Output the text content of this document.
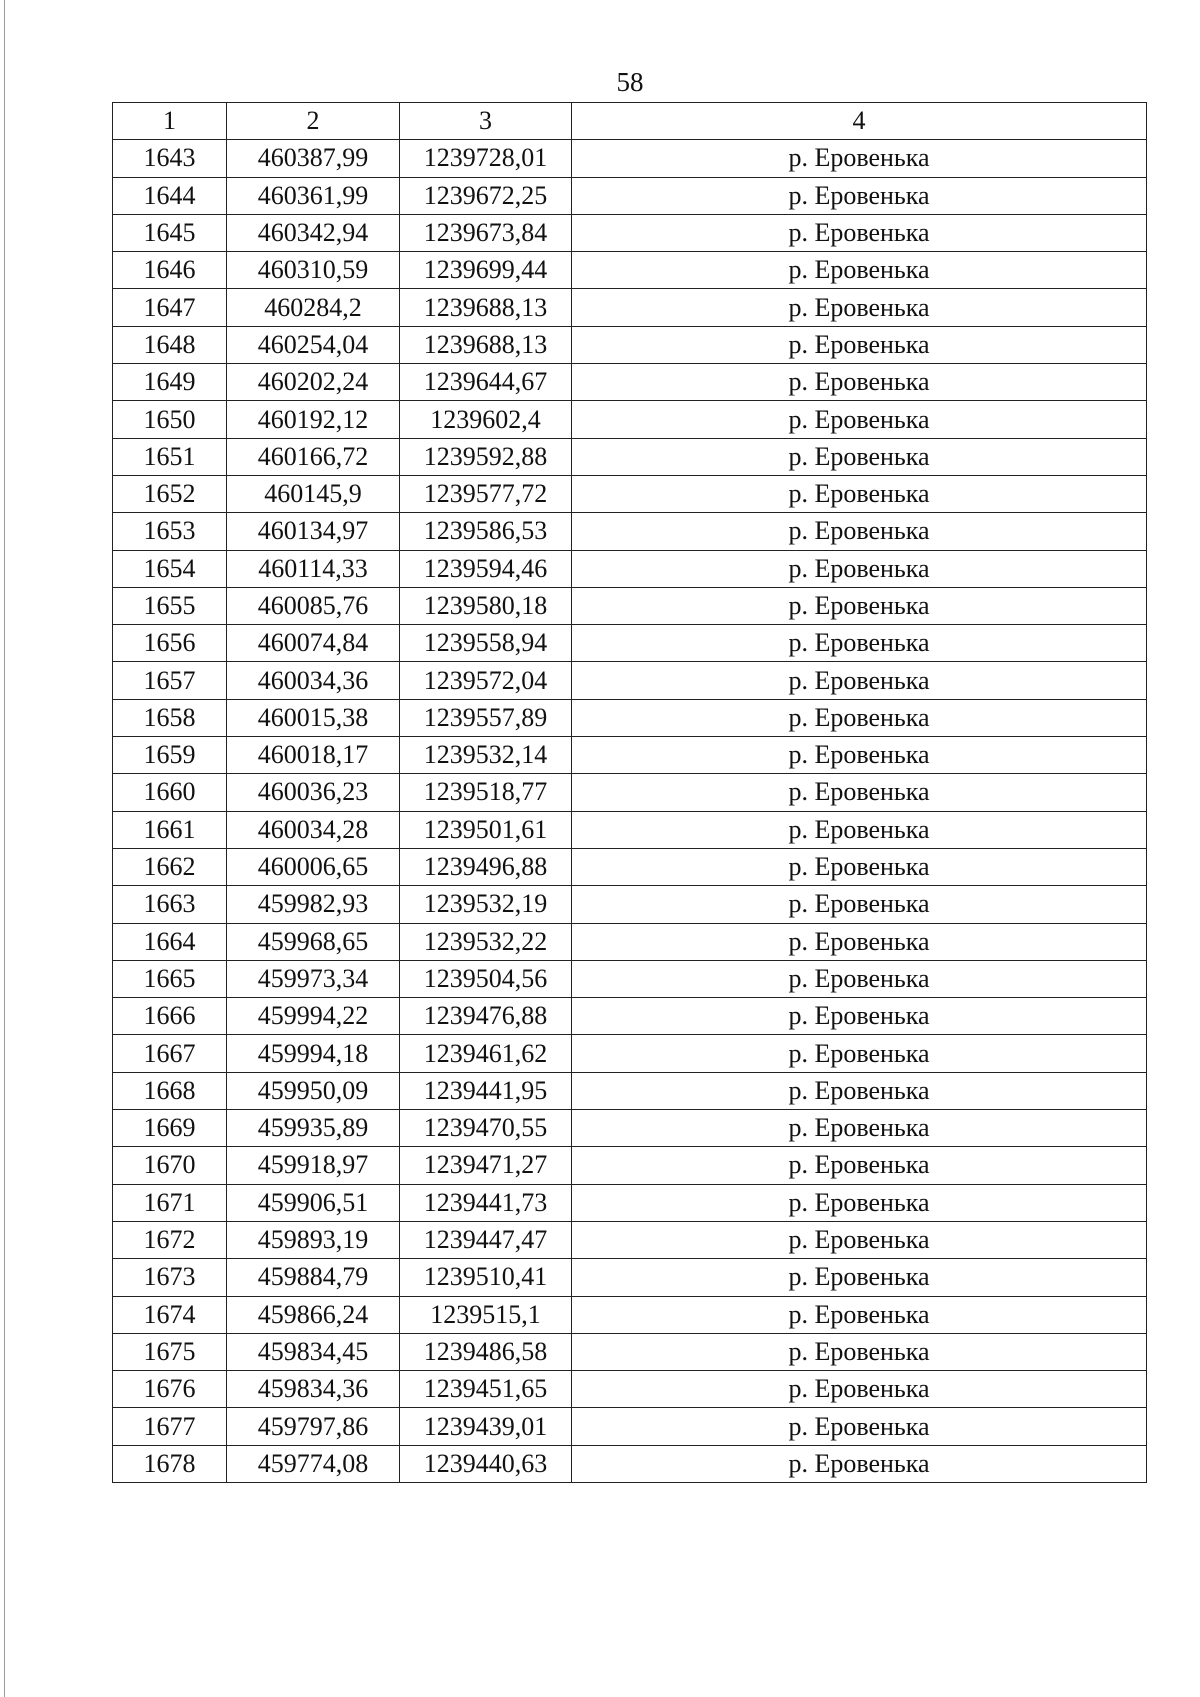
58
1	2	3	4
1643	460387,99	1239728,01	р. Еровенька
1644	460361,99	1239672,25	р. Еровенька
1645	460342,94	1239673,84	р. Еровенька
1646	460310,59	1239699,44	р. Еровенька
1647	460284,2	1239688,13	р. Еровенька
1648	460254,04	1239688,13	р. Еровенька
1649	460202,24	1239644,67	р. Еровенька
1650	460192,12	1239602,4	р. Еровенька
1651	460166,72	1239592,88	р. Еровенька
1652	460145,9	1239577,72	р. Еровенька
1653	460134,97	1239586,53	р. Еровенька
1654	460114,33	1239594,46	р. Еровенька
1655	460085,76	1239580,18	р. Еровенька
1656	460074,84	1239558,94	р. Еровенька
1657	460034,36	1239572,04	р. Еровенька
1658	460015,38	1239557,89	р. Еровенька
1659	460018,17	1239532,14	р. Еровенька
1660	460036,23	1239518,77	р. Еровенька
1661	460034,28	1239501,61	р. Еровенька
1662	460006,65	1239496,88	р. Еровенька
1663	459982,93	1239532,19	р. Еровенька
1664	459968,65	1239532,22	р. Еровенька
1665	459973,34	1239504,56	р. Еровенька
1666	459994,22	1239476,88	р. Еровенька
1667	459994,18	1239461,62	р. Еровенька
1668	459950,09	1239441,95	р. Еровенька
1669	459935,89	1239470,55	р. Еровенька
1670	459918,97	1239471,27	р. Еровенька
1671	459906,51	1239441,73	р. Еровенька
1672	459893,19	1239447,47	р. Еровенька
1673	459884,79	1239510,41	р. Еровенька
1674	459866,24	1239515,1	р. Еровенька
1675	459834,45	1239486,58	р. Еровенька
1676	459834,36	1239451,65	р. Еровенька
1677	459797,86	1239439,01	р. Еровенька
1678	459774,08	1239440,63	р. Еровенька
